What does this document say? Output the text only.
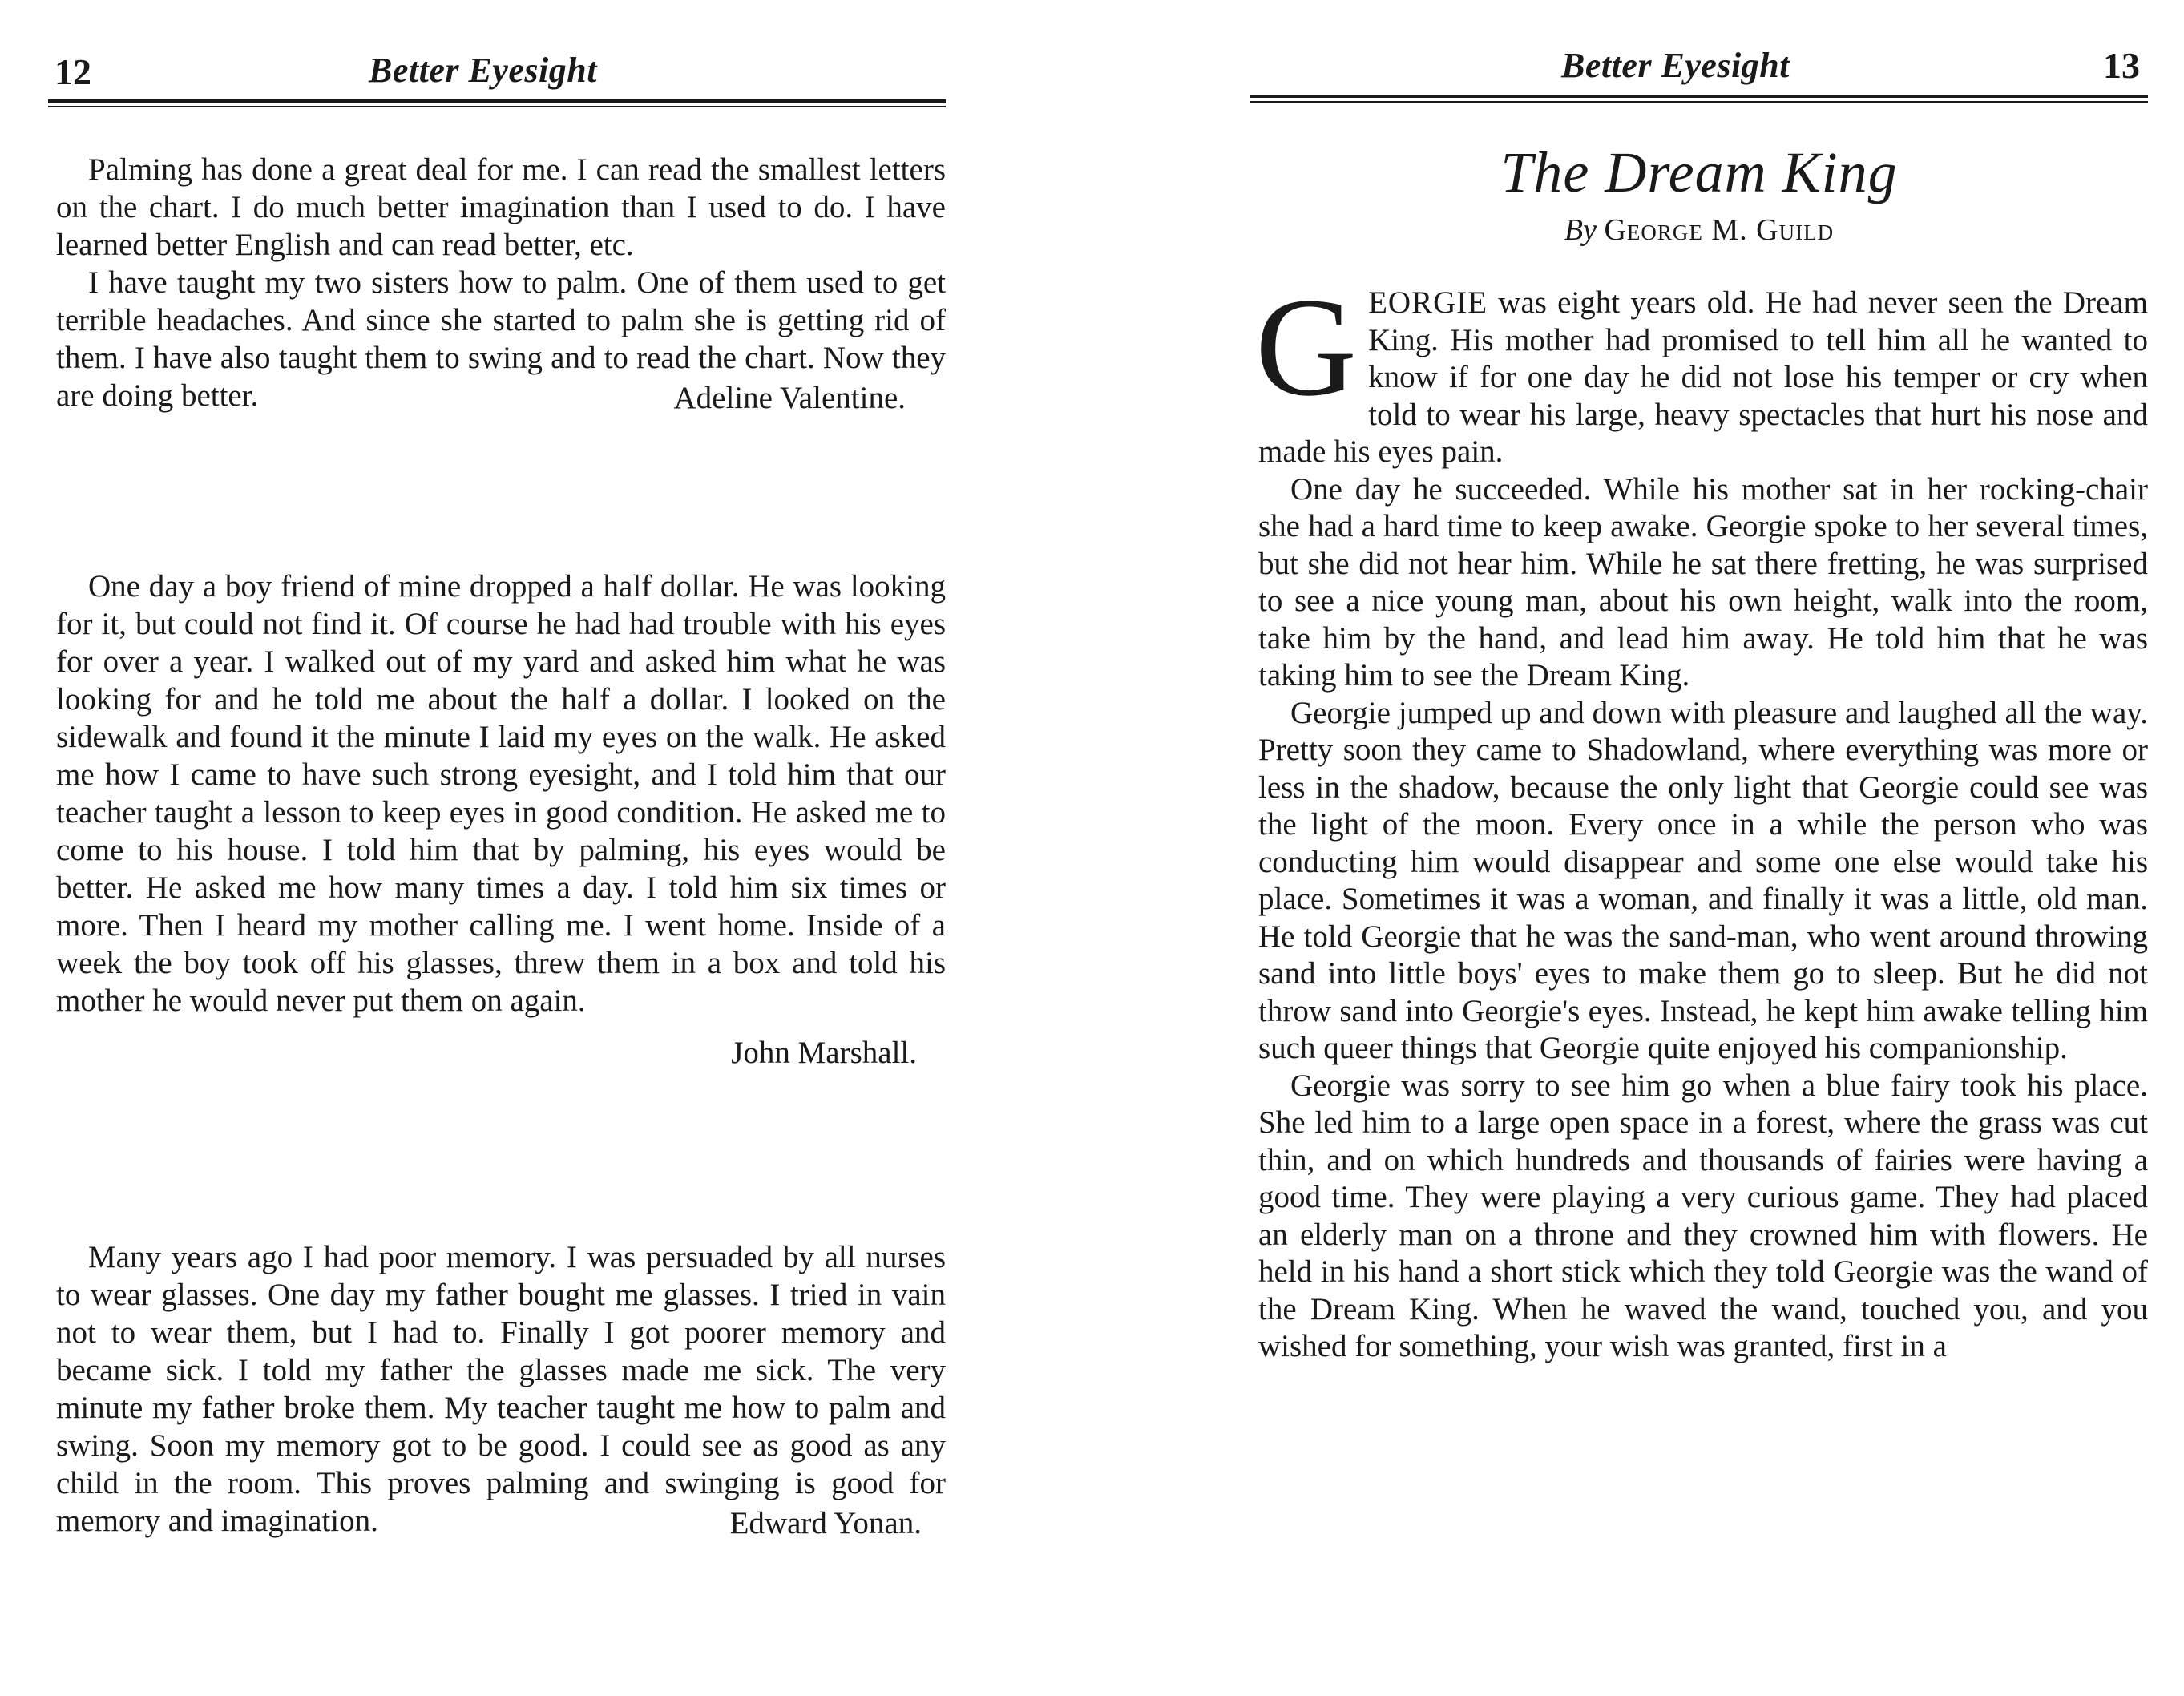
12	Better Eyesight

Palming has done a great deal for me. I can read the smallest letters on the chart. I do much better imagination than I used to do. I have learned better English and can read better, etc.

I have taught my two sisters how to palm. One of them used to get terrible headaches. And since she started to palm she is getting rid of them. I have also taught them to swing and to read the chart. Now they are doing better.	Adeline Valentine.

One day a boy friend of mine dropped a half dollar. He was looking for it, but could not find it. Of course he had had trouble with his eyes for over a year. I walked out of my yard and asked him what he was looking for and he told me about the half a dollar. I looked on the sidewalk and found it the minute I laid my eyes on the walk. He asked me how I came to have such strong eyesight, and I told him that our teacher taught a lesson to keep eyes in good condition. He asked me to come to his house. I told him that by palming, his eyes would be better. He asked me how many times a day. I told him six times or more. Then I heard my mother calling me. I went home. Inside of a week the boy took off his glasses, threw them in a box and told his mother he would never put them on again.

John Marshall.

Many years ago I had poor memory. I was persuaded by all nurses to wear glasses. One day my father bought me glasses. I tried in vain not to wear them, but I had to. Finally I got poorer memory and became sick. I told my father the glasses made me sick. The very minute my father broke them. My teacher taught me how to palm and swing. Soon my memory got to be good. I could see as good as any child in the room. This proves palming and swinging is good for memory and imagination.	Edward Yonan.
Better Eyesight	13
The Dream King
By George M. Guild

GEORGIE was eight years old. He had never seen the Dream King. His mother had promised to tell him all he wanted to know if for one day he did not lose his temper or cry when told to wear his large, heavy spectacles that hurt his nose and made his eyes pain.

One day he succeeded. While his mother sat in her rocking-chair she had a hard time to keep awake. Georgie spoke to her several times, but she did not hear him. While he sat there fretting, he was surprised to see a nice young man, about his own height, walk into the room, take him by the hand, and lead him away. He told him that he was taking him to see the Dream King.

Georgie jumped up and down with pleasure and laughed all the way. Pretty soon they came to Shadowland, where everything was more or less in the shadow, because the only light that Georgie could see was the light of the moon. Every once in a while the person who was conducting him would disappear and some one else would take his place. Sometimes it was a woman, and finally it was a little, old man. He told Georgie that he was the sand-man, who went around throwing sand into little boys' eyes to make them go to sleep. But he did not throw sand into Georgie's eyes. Instead, he kept him awake telling him such queer things that Georgie quite enjoyed his companionship.

Georgie was sorry to see him go when a blue fairy took his place. She led him to a large open space in a forest, where the grass was cut thin, and on which hundreds and thousands of fairies were having a good time. They were playing a very curious game. They had placed an elderly man on a throne and they crowned him with flowers. He held in his hand a short stick which they told Georgie was the wand of the Dream King. When he waved the wand, touched you, and you wished for something, your wish was granted, first in a
